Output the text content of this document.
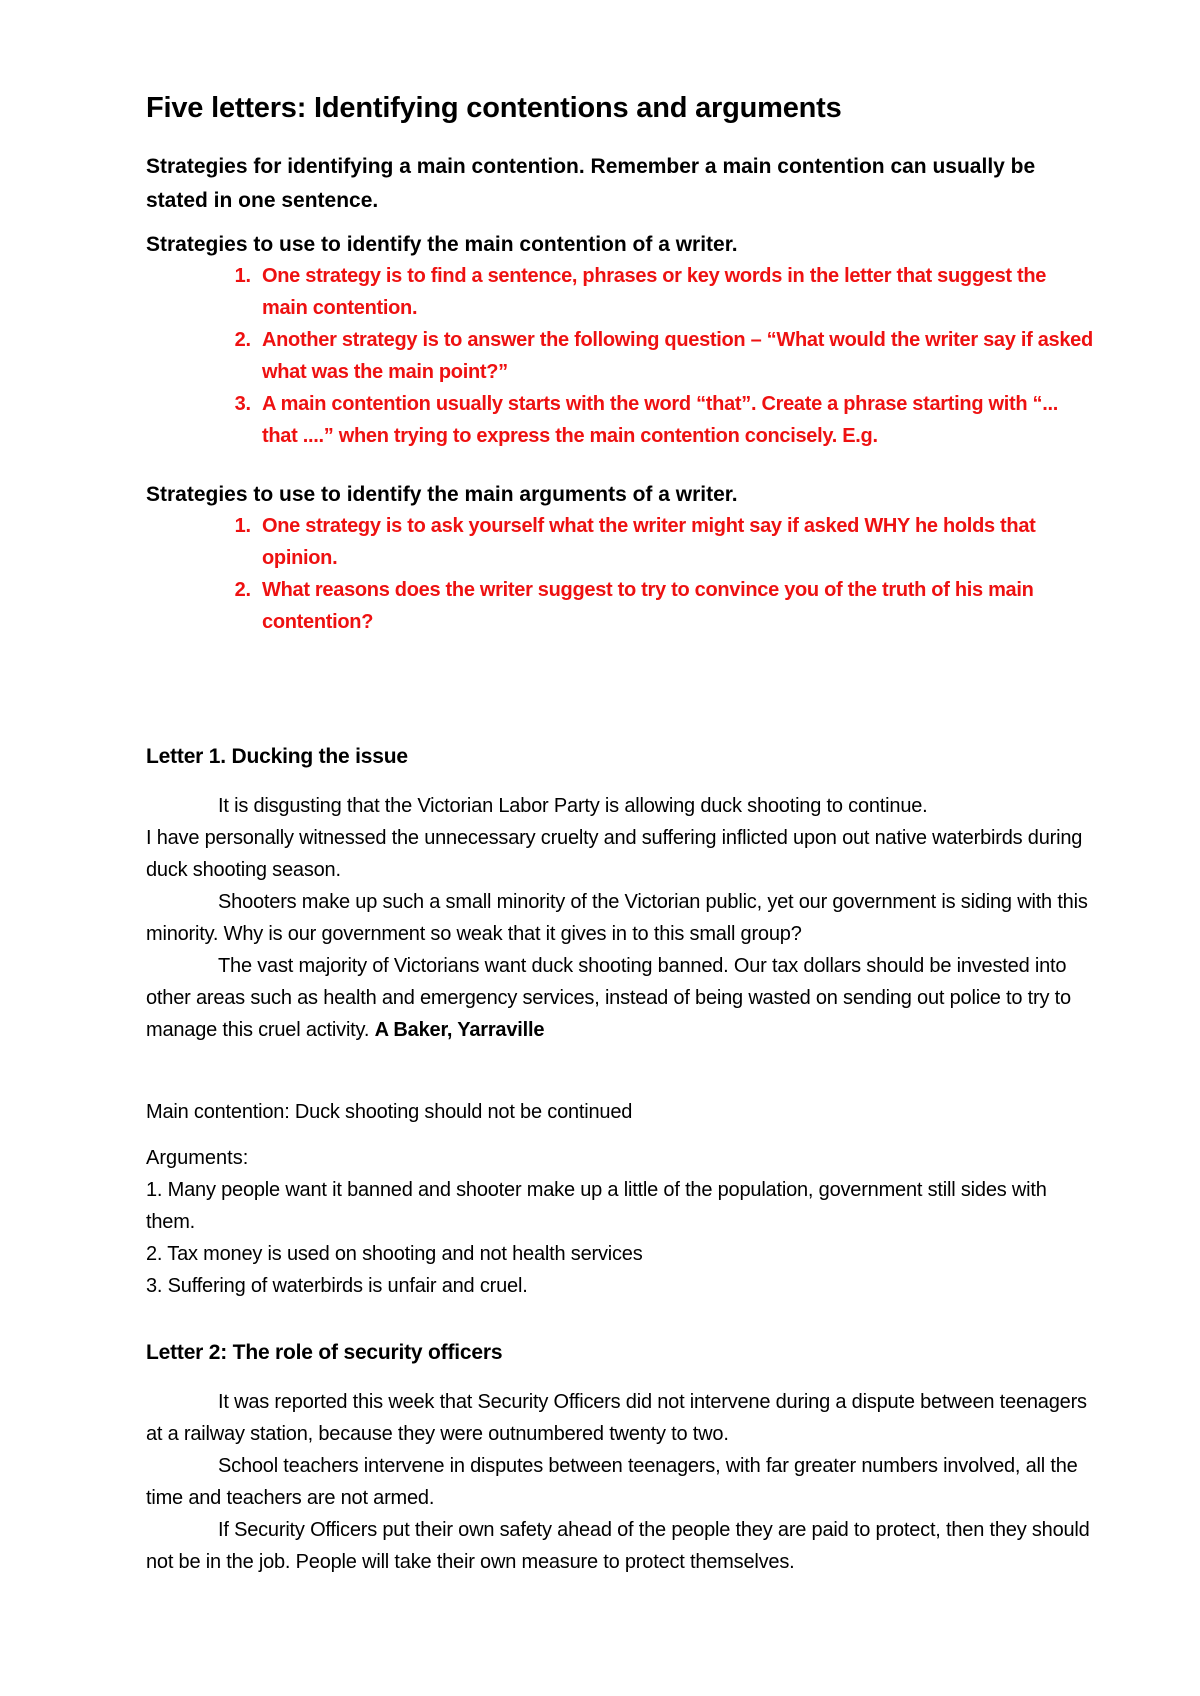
Five letters: Identifying contentions and arguments

Strategies for identifying a main contention. Remember a main contention can usually be stated in one sentence.

Strategies to use to identify the main contention of a writer.

1. One strategy is to find a sentence, phrases or key words in the letter that suggest the main contention.
2. Another strategy is to answer the following question – “What would the writer say if asked what was the main point?”
3. A main contention usually starts with the word “that”. Create a phrase starting with “... that ....” when trying to express the main contention concisely. E.g.

Strategies to use to identify the main arguments of a writer.

1. One strategy is to ask yourself what the writer might say if asked WHY he holds that opinion.
2. What reasons does the writer suggest to try to convince you of the truth of his main contention?

Letter 1. Ducking the issue

It is disgusting that the Victorian Labor Party is allowing duck shooting to continue.

I have personally witnessed the unnecessary cruelty and suffering inflicted upon out native waterbirds during duck shooting season.

Shooters make up such a small minority of the Victorian public, yet our government is siding with this minority. Why is our government so weak that it gives in to this small group?

The vast majority of Victorians want duck shooting banned. Our tax dollars should be invested into other areas such as health and emergency services, instead of being wasted on sending out police to try to manage this cruel activity. A Baker, Yarraville

Main contention: Duck shooting should not be continued

Arguments:

1. Many people want it banned and shooter make up a little of the population, government still sides with them.
2. Tax money is used on shooting and not health services
3. Suffering of waterbirds is unfair and cruel.

Letter 2: The role of security officers

It was reported this week that Security Officers did not intervene during a dispute between teenagers at a railway station, because they were outnumbered twenty to two.

School teachers intervene in disputes between teenagers, with far greater numbers involved, all the time and teachers are not armed.

If Security Officers put their own safety ahead of the people they are paid to protect, then they should not be in the job. People will take their own measure to protect themselves.
